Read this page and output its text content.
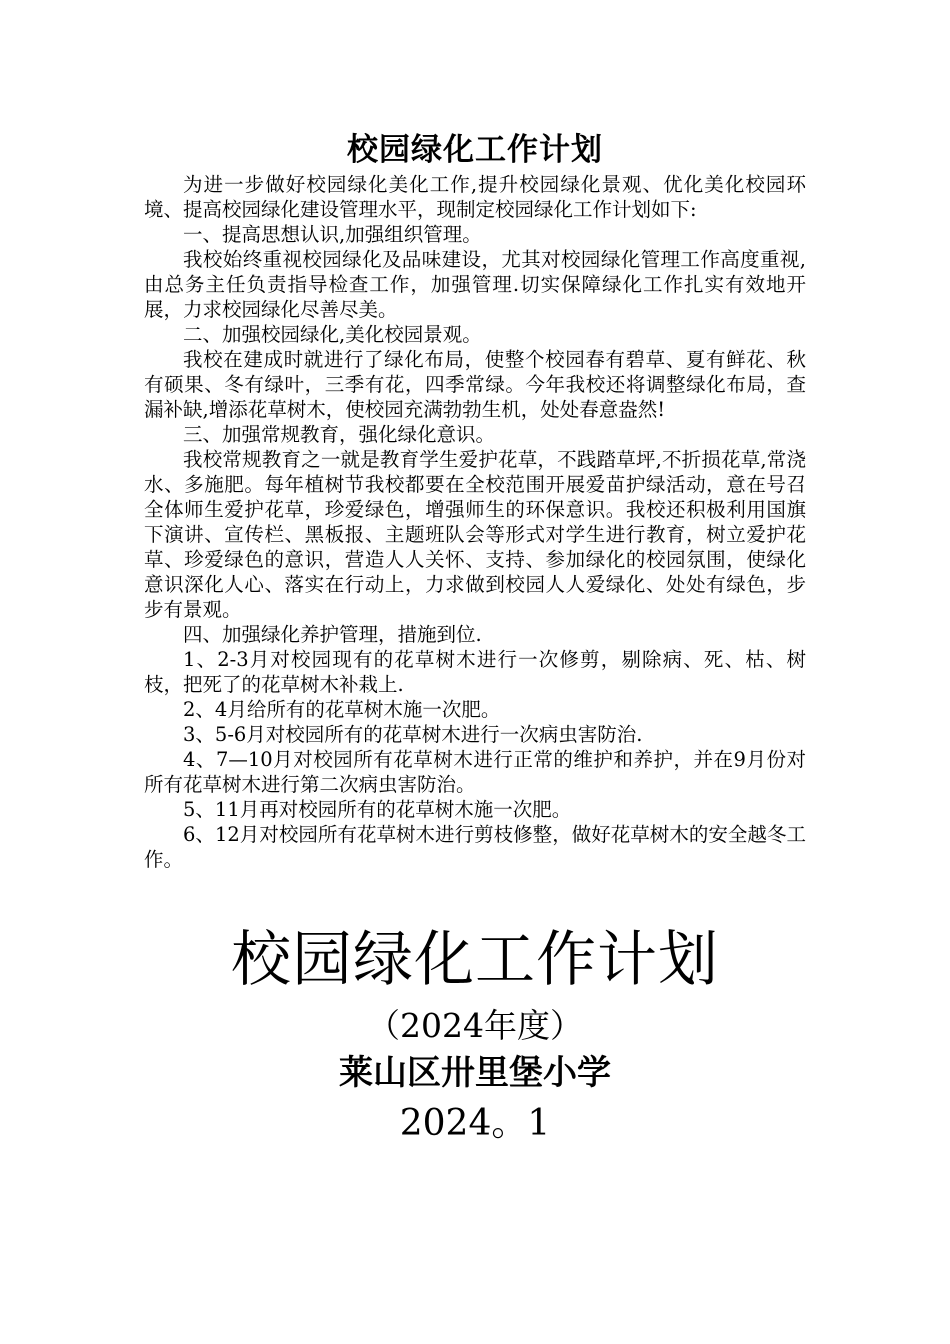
校园绿化工作计划

为进一步做好校园绿化美化工作,提升校园绿化景观、优化美化校园环境、提高校园绿化建设管理水平，现制定校园绿化工作计划如下:

一、提高思想认识,加强组织管理。

我校始终重视校园绿化及品味建设，尤其对校园绿化管理工作高度重视,由总务主任负责指导检查工作，加强管理.切实保障绿化工作扎实有效地开展，力求校园绿化尽善尽美。

二、加强校园绿化,美化校园景观。

我校在建成时就进行了绿化布局，使整个校园春有碧草、夏有鲜花、秋有硕果、冬有绿叶，三季有花，四季常绿。今年我校还将调整绿化布局，查漏补缺,增添花草树木，使校园充满勃勃生机，处处春意盎然!

三、加强常规教育，强化绿化意识。

我校常规教育之一就是教育学生爱护花草，不践踏草坪,不折损花草,常浇水、多施肥。每年植树节我校都要在全校范围开展爱苗护绿活动，意在号召全体师生爱护花草，珍爱绿色，增强师生的环保意识。我校还积极利用国旗下演讲、宣传栏、黑板报、主题班队会等形式对学生进行教育，树立爱护花草、珍爱绿色的意识，营造人人关怀、支持、参加绿化的校园氛围，使绿化意识深化人心、落实在行动上，力求做到校园人人爱绿化、处处有绿色，步步有景观。

四、加强绿化养护管理，措施到位.

1、2-3月对校园现有的花草树木进行一次修剪，剔除病、死、枯、树枝，把死了的花草树木补栽上.

2、4月给所有的花草树木施一次肥。

3、5-6月对校园所有的花草树木进行一次病虫害防治.

4、7—10月对校园所有花草树木进行正常的维护和养护，并在9月份对所有花草树木进行第二次病虫害防治。

5、11月再对校园所有的花草树木施一次肥。

6、12月对校园所有花草树木进行剪枝修整，做好花草树木的安全越冬工作。

校园绿化工作计划
（2024年度）
莱山区卅里堡小学
2024。1
